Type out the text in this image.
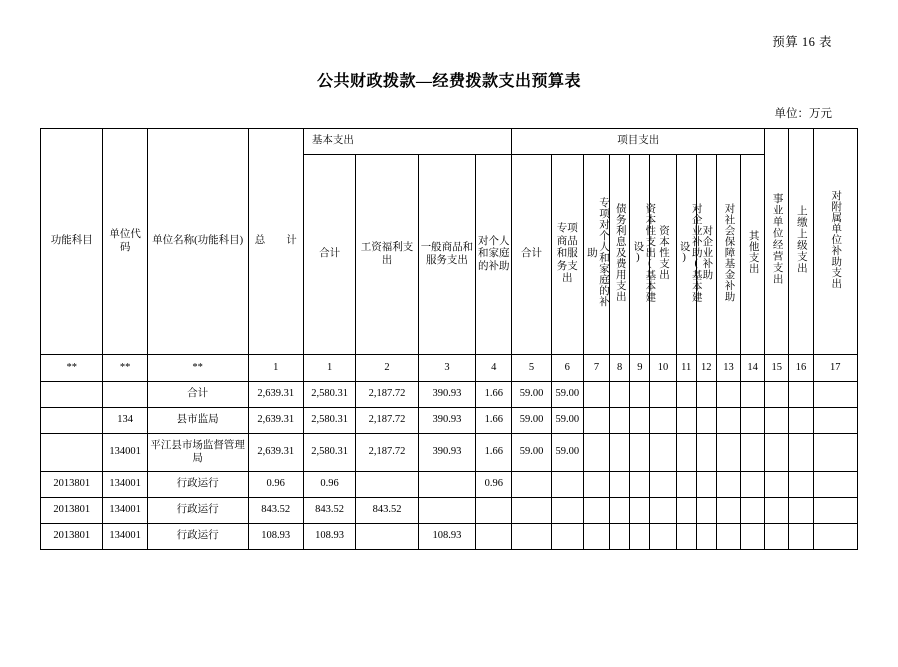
预算 16 表
公共财政拨款—经费拨款支出预算表
单位：万元
功能科目	单位代码	单位名称(功能科目)	总　　计	基本支出				项目支出										事业单位经营支出	上缴上级支出	对附属单位补助支出
				合计	工资福利支出	一般商品和服务支出	对个人和家庭的补助	合计	专项商品和服务支出	专项对个人和家庭的补助	债务利息及费用支出	资本性支出(基本建设)	资本性支出	对企业补助(基本建设)	对企业补助	对社会保障基金补助	其他支出			
**	**	**	1	1	2	3	4	5	6	7	8	9	10	11	12	13	14	15	16	17
		合计	2,639.31	2,580.31	2,187.72	390.93	1.66	59.00	59.00											
	134	县市监局	2,639.31	2,580.31	2,187.72	390.93	1.66	59.00	59.00											
	134001	平江县市场监督管理局	2,639.31	2,580.31	2,187.72	390.93	1.66	59.00	59.00											
2013801	134001	行政运行	0.96	0.96			0.96													
2013801	134001	行政运行	843.52	843.52	843.52															
2013801	134001	行政运行	108.93	108.93		108.93														
